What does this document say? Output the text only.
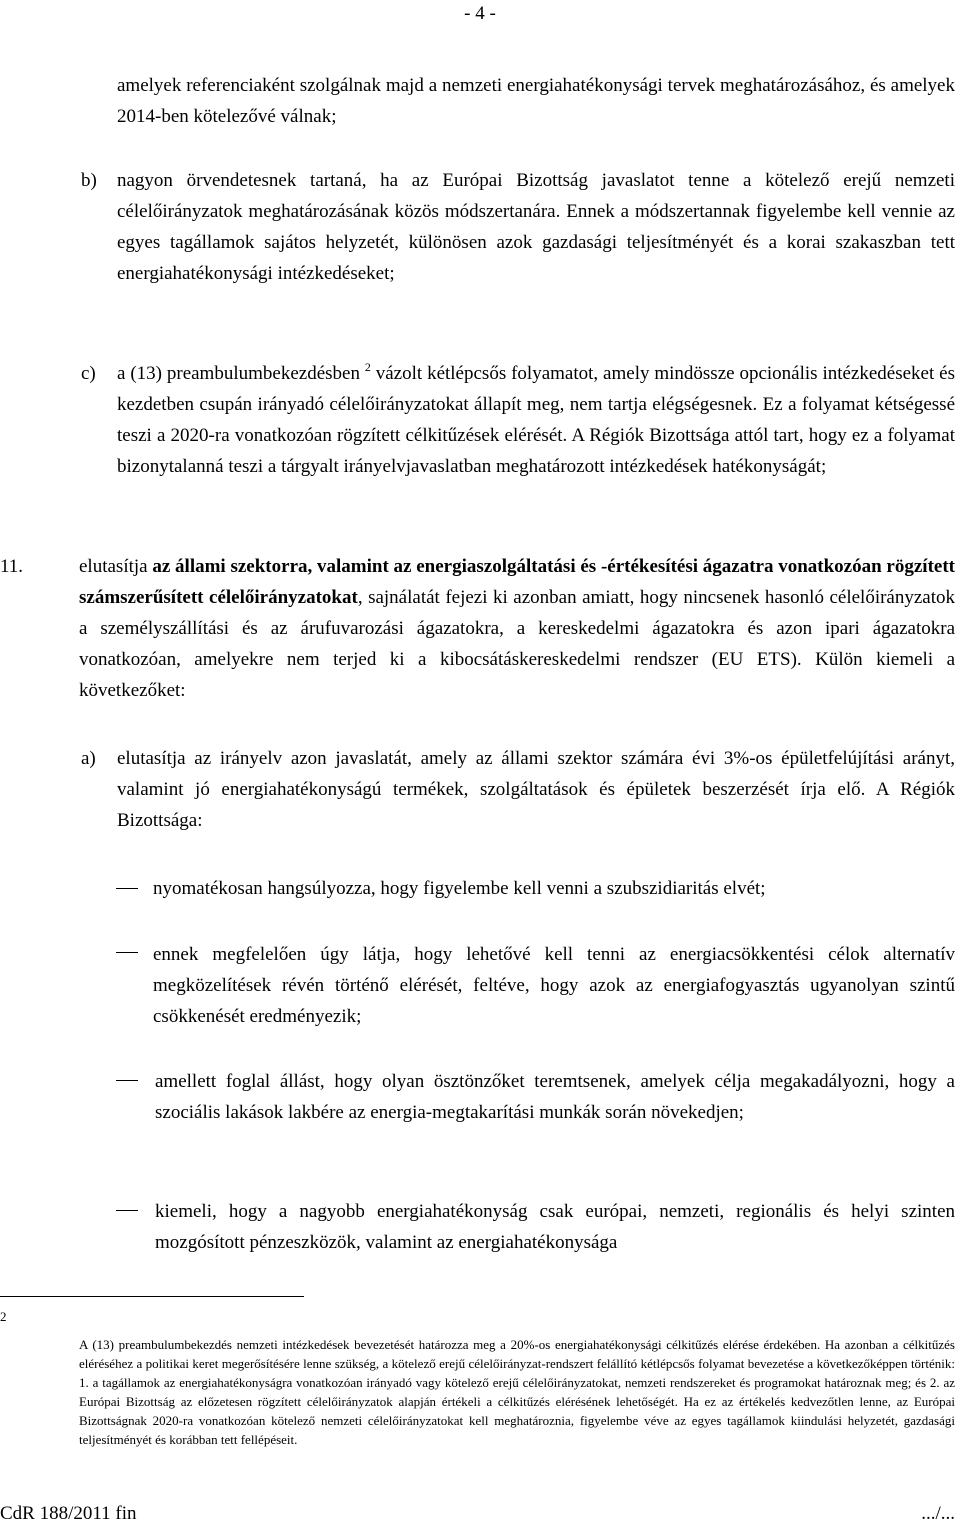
- 4 -

amelyek referenciaként szolgálnak majd a nemzeti energiahatékonysági tervek meghatározásához, és amelyek 2014-ben kötelezővé válnak;

b) nagyon örvendetesnek tartaná, ha az Európai Bizottság javaslatot tenne a kötelező erejű nemzeti célelőirányzatok meghatározásának közös módszertanára. Ennek a módszertannak figyelembe kell vennie az egyes tagállamok sajátos helyzetét, különösen azok gazdasági teljesítményét és a korai szakaszban tett energiahatékonysági intézkedéseket;

c) a (13) preambulumbekezdésben $^2$ vázolt kétlépcsős folyamatot, amely mindössze opcionális intézkedéseket és kezdetben csupán irányadó célelőirányzatokat állapít meg, nem tartja elégségesnek. Ez a folyamat kétségessé teszi a 2020-ra vonatkozóan rögzített célkitűzések elérését. A Régiók Bizottsága attól tart, hogy ez a folyamat bizonytalanná teszi a tárgyalt irányelvjavaslatban meghatározott intézkedések hatékonyságát;

11.	elutasítja az állami szektorra, valamint az energiaszolgáltatási és -értékesítési ágazatra vonatkozóan rögzített számszerűsített célelőirányzatokat, sajnálatát fejezi ki azonban amiatt, hogy nincsenek hasonló célelőirányzatok a személyszállítási és az árufuvarozási ágazatokra, a kereskedelmi ágazatokra és azon ipari ágazatokra vonatkozóan, amelyekre nem terjed ki a kibocsátáskereskedelmi rendszer (EU ETS). Külön kiemeli a következőket:

a) elutasítja az irányelv azon javaslatát, amely az állami szektor számára évi 3%-os épületfelújítási arányt, valamint jó energiahatékonyságú termékek, szolgáltatások és épületek beszerzését írja elő. A Régiók Bizottsága:

nyomatékosan hangsúlyozza, hogy figyelembe kell venni a szubszidiaritás elvét;

ennek megfelelően úgy látja, hogy lehetővé kell tenni az energiacsökkentési célok alternatív megközelítések révén történő elérését, feltéve, hogy azok az energiafogyasztás ugyanolyan szintű csökkenését eredményezik;

amellett foglal állást, hogy olyan ösztönzőket teremtsenek, amelyek célja megakadályozni, hogy a szociális lakások lakbére az energia-megtakarítási munkák során növekedjen;

kiemeli, hogy a nagyobb energiahatékonyság csak európai, nemzeti, regionális és helyi szinten mozgósított pénzeszközök, valamint az energiahatékonysága

2

A (13) preambulumbekezdés nemzeti intézkedések bevezetését határozza meg a 20%-os energiahatékonysági célkitűzés elérése érdekében. Ha azonban a célkitűzés eléréséhez a politikai keret megerősítésére lenne szükség, a kötelező erejű célelőirányzat-rendszert felállító kétlépcsős folyamat bevezetése a következőképpen történik: 1. a tagállamok az energiahatékonyságra vonatkozóan irányadó vagy kötelező erejű célelőirányzatokat, nemzeti rendszereket és programokat határoznak meg; és 2. az Európai Bizottság az előzetesen rögzített célelőirányzatok alapján értékeli a célkitűzés elérésének lehetőségét. Ha ez az értékelés kedvezőtlen lenne, az Európai Bizottságnak 2020-ra vonatkozóan kötelező nemzeti célelőirányzatokat kell meghatároznia, figyelembe véve az egyes tagállamok kiindulási helyzetét, gazdasági teljesítményét és korábban tett fellépéseit.

CdR 188/2011 fin	.../...
